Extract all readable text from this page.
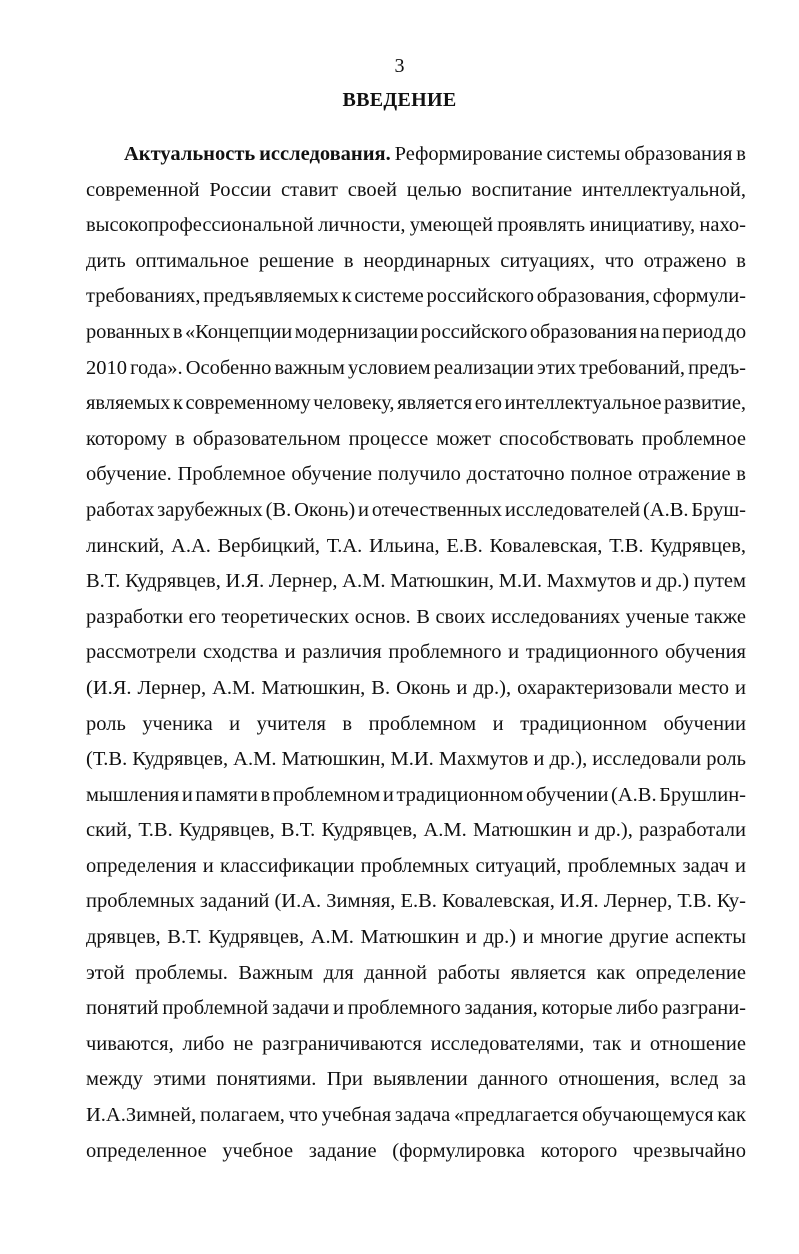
3
ВВЕДЕНИЕ
Актуальность исследования. Реформирование системы образования в
современной России ставит своей целью воспитание интеллектуальной,
высокопрофессиональной личности, умеющей проявлять инициативу, нахо-
дить оптимальное решение в неординарных ситуациях, что отражено в
требованиях, предъявляемых к системе российского образования, сформули-
рованных в «Концепции модернизации российского образования на период до
2010 года». Особенно важным условием реализации этих требований, предъ-
являемых к современному человеку, является его интеллектуальное развитие,
которому в образовательном процессе может способствовать проблемное
обучение. Проблемное обучение получило достаточно полное отражение в
работах зарубежных (В. Оконь) и отечественных исследователей (А.В. Бруш-
линский, А.А. Вербицкий, Т.А. Ильина, Е.В. Ковалевская, Т.В. Кудрявцев,
В.Т. Кудрявцев, И.Я. Лернер, А.М. Матюшкин, М.И. Махмутов и др.) путем
разработки его теоретических основ. В своих исследованиях ученые также
рассмотрели сходства и различия проблемного и традиционного обучения
(И.Я. Лернер, А.М. Матюшкин, В. Оконь и др.), охарактеризовали место и
роль ученика и учителя в проблемном и традиционном обучении
(Т.В. Кудрявцев, А.М. Матюшкин, М.И. Махмутов и др.), исследовали роль
мышления и памяти в проблемном и традиционном обучении (А.В. Брушлин-
ский, Т.В. Кудрявцев, В.Т. Кудрявцев, А.М. Матюшкин и др.), разработали
определения и классификации проблемных ситуаций, проблемных задач и
проблемных заданий (И.А. Зимняя, Е.В. Ковалевская, И.Я. Лернер, Т.В. Ку-
дрявцев, В.Т. Кудрявцев, А.М. Матюшкин и др.) и многие другие аспекты
этой проблемы. Важным для данной работы является как определение
понятий проблемной задачи и проблемного задания, которые либо разграни-
чиваются, либо не разграничиваются исследователями, так и отношение
между этими понятиями. При выявлении данного отношения, вслед за
И.А.Зимней, полагаем, что учебная задача «предлагается обучающемуся как
определенное учебное задание (формулировка которого чрезвычайно
